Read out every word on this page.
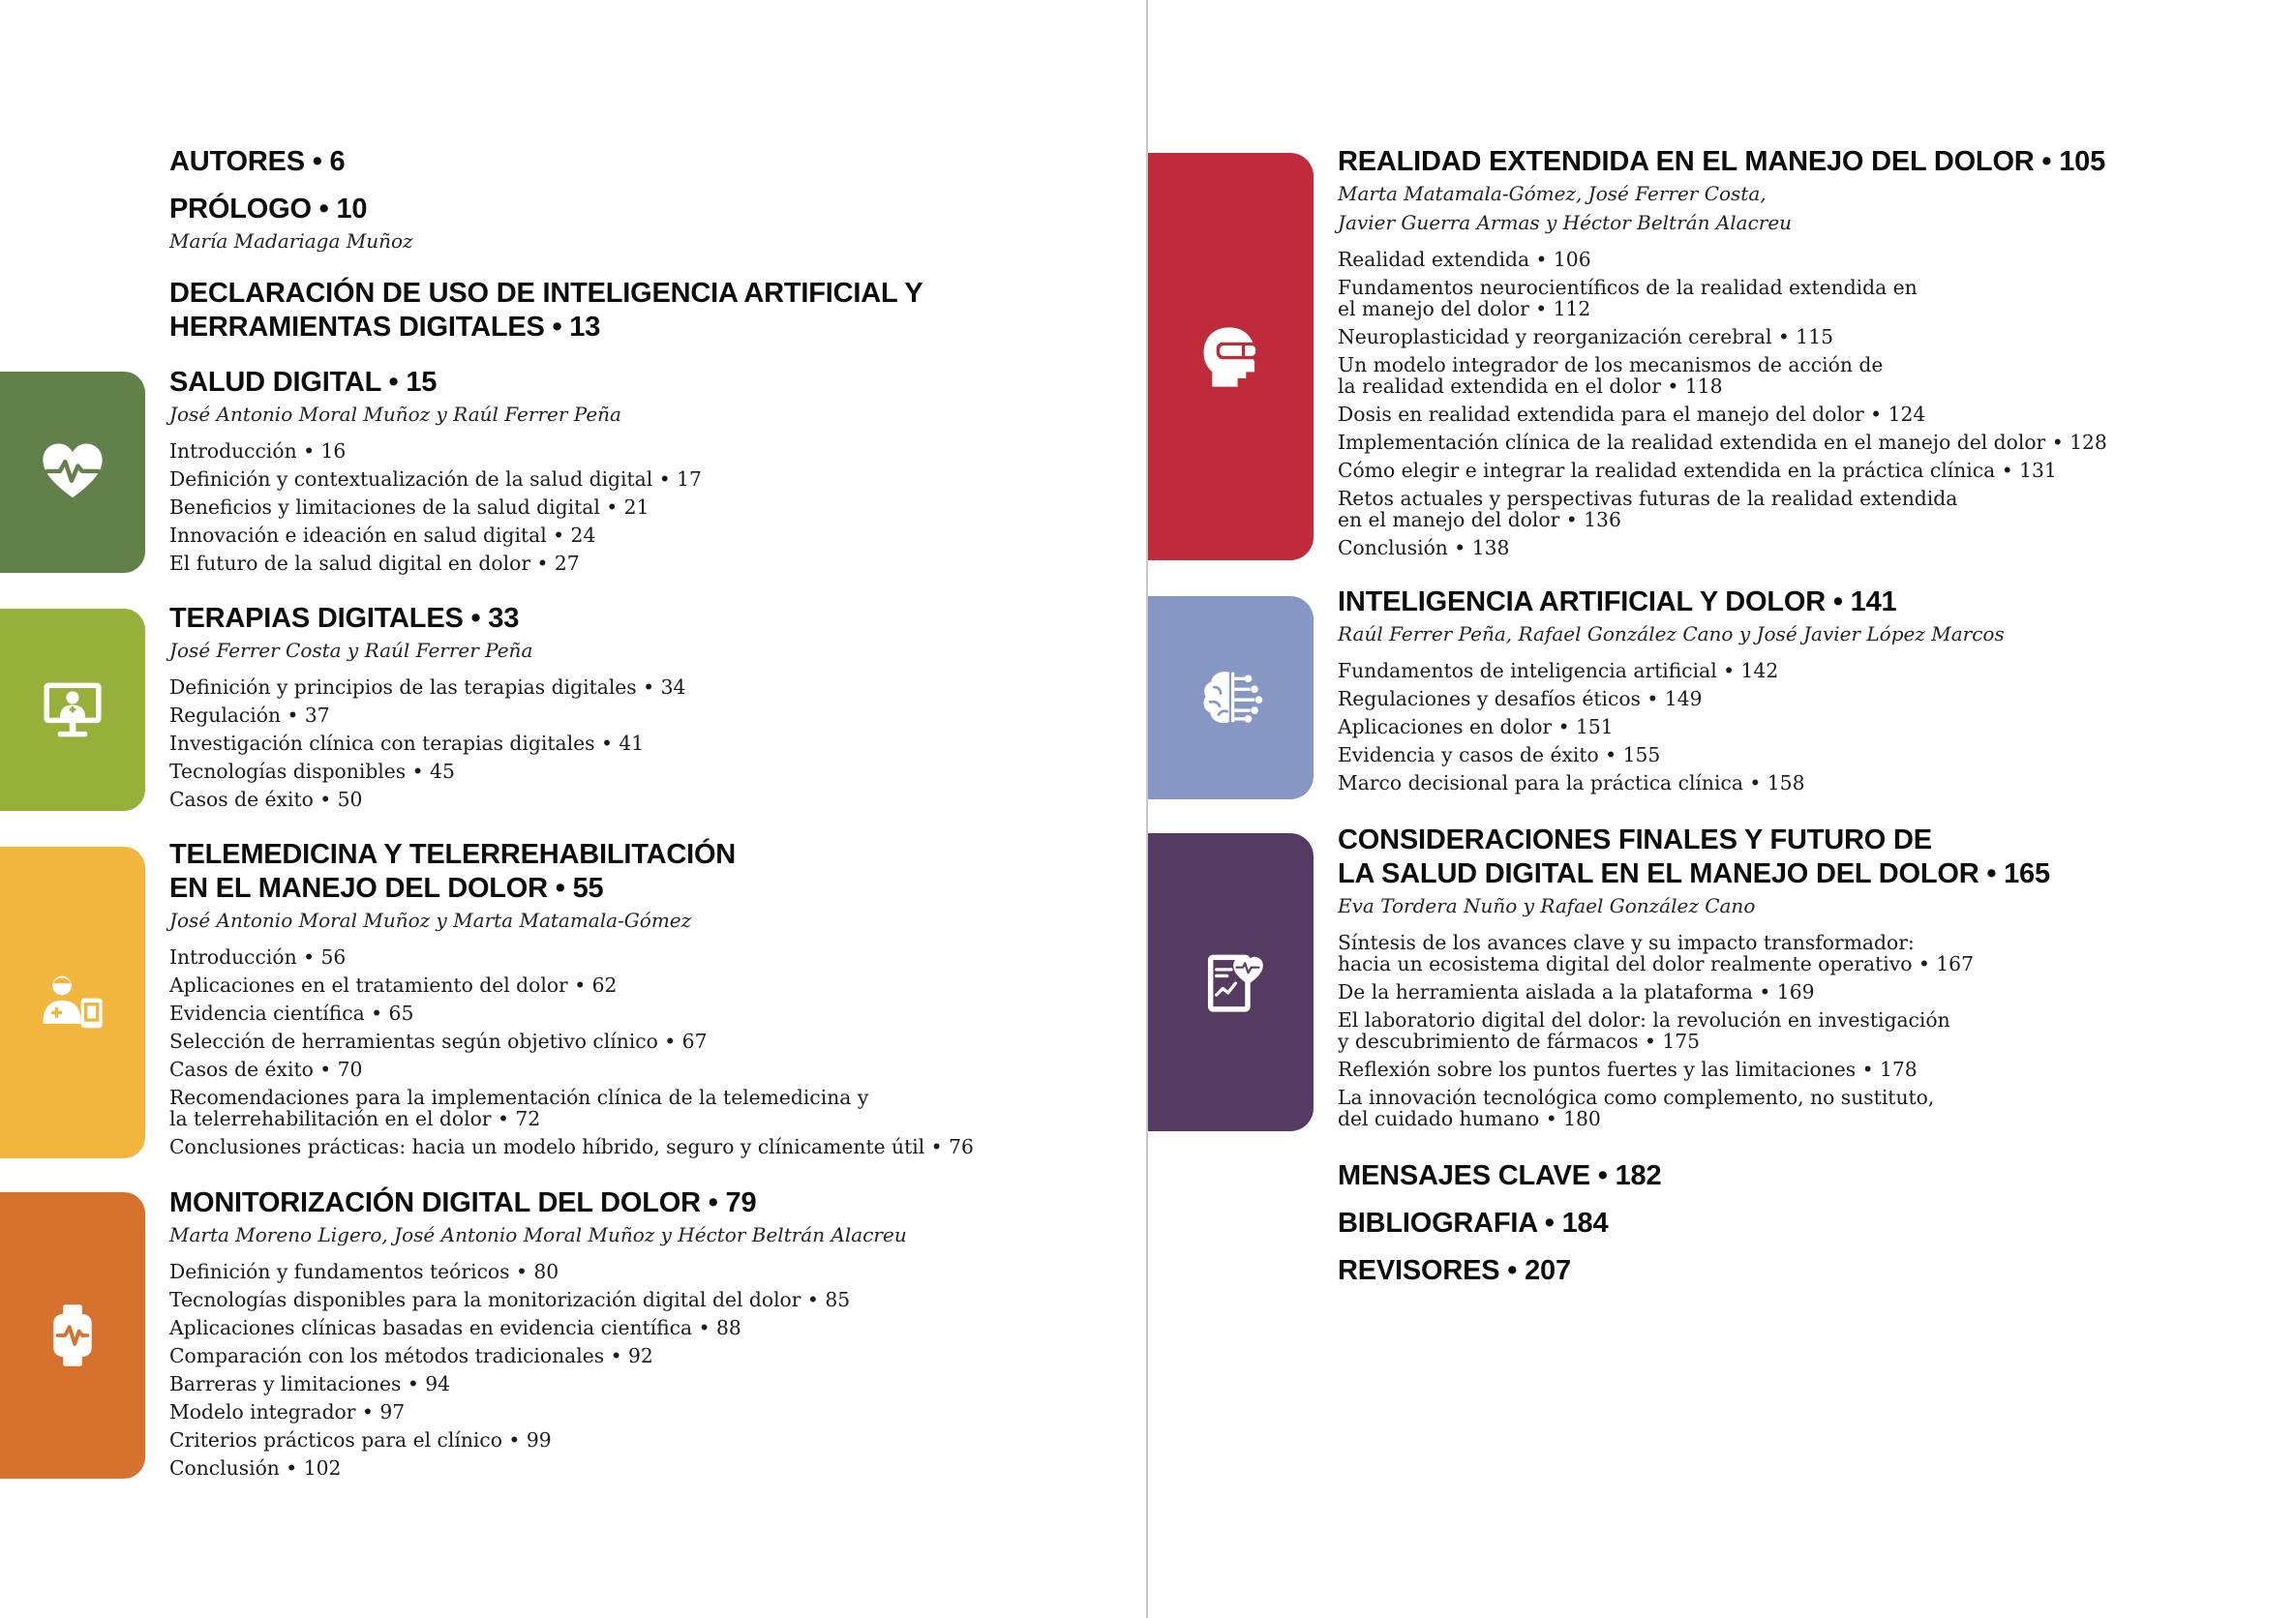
AUTORES • 6
PRÓLOGO • 10
María Madariaga Muñoz
DECLARACIÓN DE USO DE INTELIGENCIA ARTIFICIAL Y
HERRAMIENTAS DIGITALES • 13
SALUD DIGITAL • 15
José Antonio Moral Muñoz y Raúl Ferrer Peña
Introducción • 16
Definición y contextualización de la salud digital • 17
Beneficios y limitaciones de la salud digital • 21
Innovación e ideación en salud digital • 24
El futuro de la salud digital en dolor • 27
TERAPIAS DIGITALES • 33
José Ferrer Costa y Raúl Ferrer Peña
Definición y principios de las terapias digitales • 34
Regulación • 37
Investigación clínica con terapias digitales • 41
Tecnologías disponibles • 45
Casos de éxito • 50
TELEMEDICINA Y TELERREHABILITACIÓN
EN EL MANEJO DEL DOLOR • 55
José Antonio Moral Muñoz y Marta Matamala-Gómez
Introducción • 56
Aplicaciones en el tratamiento del dolor • 62
Evidencia científica • 65
Selección de herramientas según objetivo clínico • 67
Casos de éxito • 70
Recomendaciones para la implementación clínica de la telemedicina y
la telerrehabilitación en el dolor • 72
Conclusiones prácticas: hacia un modelo híbrido, seguro y clínicamente útil • 76
MONITORIZACIÓN DIGITAL DEL DOLOR • 79
Marta Moreno Ligero, José Antonio Moral Muñoz y Héctor Beltrán Alacreu
Definición y fundamentos teóricos • 80
Tecnologías disponibles para la monitorización digital del dolor • 85
Aplicaciones clínicas basadas en evidencia científica • 88
Comparación con los métodos tradicionales • 92
Barreras y limitaciones • 94
Modelo integrador • 97
Criterios prácticos para el clínico • 99
Conclusión • 102
REALIDAD EXTENDIDA EN EL MANEJO DEL DOLOR • 105
Marta Matamala-Gómez, José Ferrer Costa,
Javier Guerra Armas y Héctor Beltrán Alacreu
Realidad extendida • 106
Fundamentos neurocientíficos de la realidad extendida en
el manejo del dolor • 112
Neuroplasticidad y reorganización cerebral • 115
Un modelo integrador de los mecanismos de acción de
la realidad extendida en el dolor • 118
Dosis en realidad extendida para el manejo del dolor • 124
Implementación clínica de la realidad extendida en el manejo del dolor • 128
Cómo elegir e integrar la realidad extendida en la práctica clínica • 131
Retos actuales y perspectivas futuras de la realidad extendida
en el manejo del dolor • 136
Conclusión • 138
INTELIGENCIA ARTIFICIAL Y DOLOR • 141
Raúl Ferrer Peña, Rafael González Cano y José Javier López Marcos
Fundamentos de inteligencia artificial • 142
Regulaciones y desafíos éticos • 149
Aplicaciones en dolor • 151
Evidencia y casos de éxito • 155
Marco decisional para la práctica clínica • 158
CONSIDERACIONES FINALES Y FUTURO DE
LA SALUD DIGITAL EN EL MANEJO DEL DOLOR • 165
Eva Tordera Nuño y Rafael González Cano
Síntesis de los avances clave y su impacto transformador:
hacia un ecosistema digital del dolor realmente operativo • 167
De la herramienta aislada a la plataforma • 169
El laboratorio digital del dolor: la revolución en investigación
y descubrimiento de fármacos • 175
Reflexión sobre los puntos fuertes y las limitaciones • 178
La innovación tecnológica como complemento, no sustituto,
del cuidado humano • 180
MENSAJES CLAVE • 182
BIBLIOGRAFIA • 184
REVISORES • 207
